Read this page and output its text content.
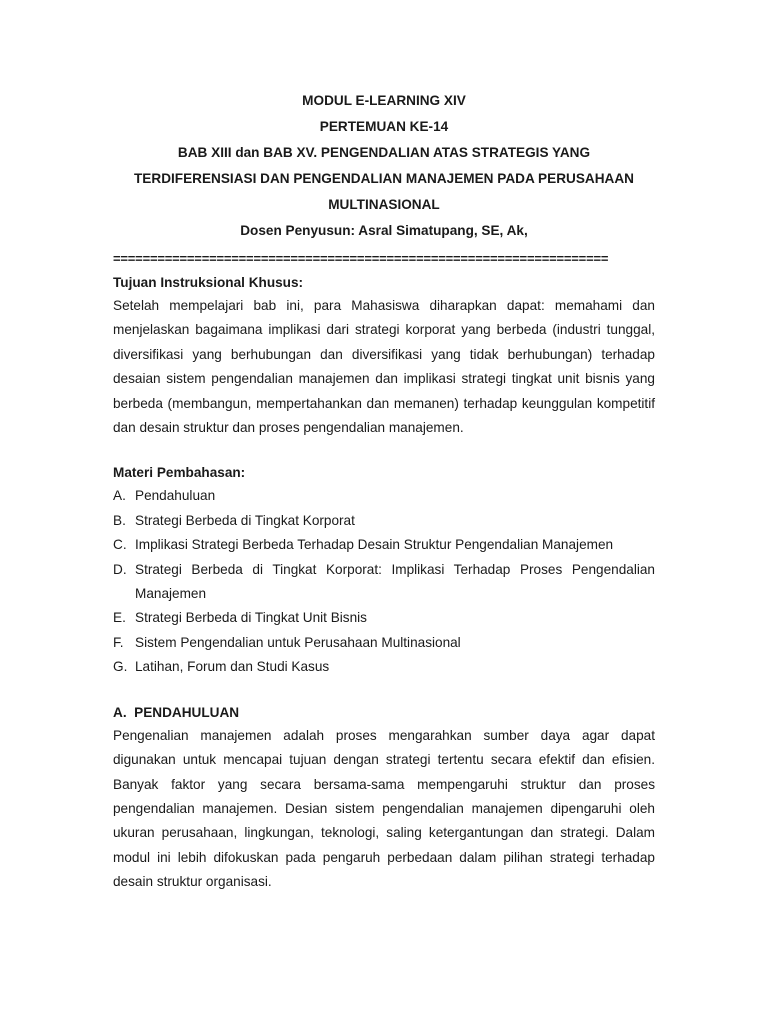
MODUL E-LEARNING XIV
PERTEMUAN KE-14
BAB XIII dan BAB XV. PENGENDALIAN ATAS STRATEGIS YANG
TERDIFERENSIASI DAN PENGENDALIAN MANAJEMEN PADA PERUSAHAAN
MULTINASIONAL
Dosen Penyusun: Asral Simatupang, SE, Ak,
===================================================================
Tujuan Instruksional Khusus:
Setelah mempelajari bab ini, para Mahasiswa diharapkan dapat: memahami dan menjelaskan bagaimana implikasi dari strategi korporat yang berbeda (industri tunggal, diversifikasi yang berhubungan dan diversifikasi yang tidak berhubungan) terhadap desaian sistem pengendalian manajemen dan implikasi strategi tingkat unit bisnis yang berbeda (membangun, mempertahankan dan memanen) terhadap keunggulan kompetitif dan desain struktur dan proses pengendalian manajemen.
Materi Pembahasan:
A. Pendahuluan
B. Strategi Berbeda di Tingkat Korporat
C. Implikasi Strategi Berbeda Terhadap Desain Struktur Pengendalian Manajemen
D. Strategi Berbeda di Tingkat Korporat: Implikasi Terhadap Proses Pengendalian Manajemen
E. Strategi Berbeda di Tingkat Unit Bisnis
F. Sistem Pengendalian untuk Perusahaan Multinasional
G. Latihan, Forum dan Studi Kasus
A.  PENDAHULUAN
Pengenalian manajemen adalah proses mengarahkan sumber daya agar dapat digunakan untuk mencapai tujuan dengan strategi tertentu secara efektif dan efisien. Banyak faktor yang secara bersama-sama mempengaruhi struktur dan proses pengendalian manajemen. Desian sistem pengendalian manajemen dipengaruhi oleh ukuran perusahaan, lingkungan, teknologi, saling ketergantungan dan strategi. Dalam modul ini lebih difokuskan pada pengaruh perbedaan dalam pilihan strategi terhadap desain struktur organisasi.
